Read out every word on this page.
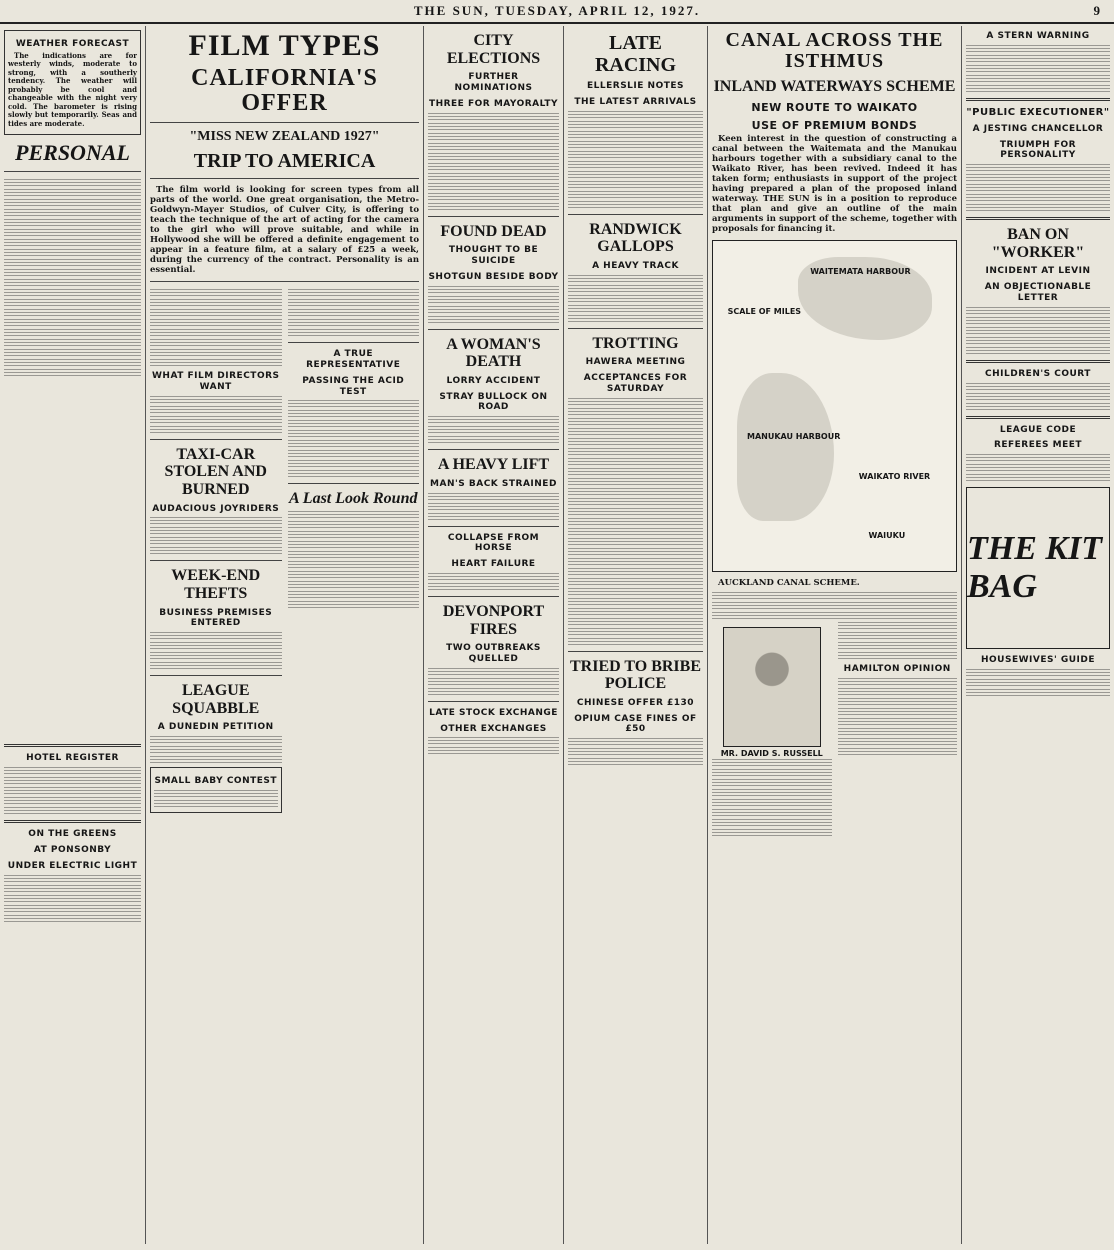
THE SUN, TUESDAY, APRIL 12, 1927.	9
WEATHER FORECAST

The indications are for westerly winds, moderate to strong, with a southerly tendency. The weather will probably be cool and changeable with the night very cold. The barometer is rising slowly but temporarily. Seas and tides are moderate.

PERSONAL
HOTEL REGISTER
ON THE GREENS
AT PONSONBY
UNDER ELECTRIC LIGHT
FILM TYPES
CALIFORNIA'S OFFER
"MISS NEW ZEALAND 1927"
TRIP TO AMERICA

The film world is looking for screen types from all parts of the world. One great organisation, the Metro-Goldwyn-Mayer Studios, of Culver City, is offering to teach the technique of the art of acting for the camera to the girl who will prove suitable, and while in Hollywood she will be offered a definite engagement to appear in a feature film, at a salary of £25 a week, during the currency of the contract. Personality is an essential.

WHAT FILM DIRECTORS WANT
TAXI-CAR STOLEN AND BURNED
AUDACIOUS JOYRIDERS
WEEK-END THEFTS
BUSINESS PREMISES ENTERED
LEAGUE SQUABBLE
A DUNEDIN PETITION
SMALL BABY CONTEST
A TRUE REPRESENTATIVE
PASSING THE ACID TEST
A Last Look Round
CITY ELECTIONS
FURTHER NOMINATIONS
THREE FOR MAYORALTY
FOUND DEAD
THOUGHT TO BE SUICIDE
SHOTGUN BESIDE BODY
A WOMAN'S DEATH
LORRY ACCIDENT
STRAY BULLOCK ON ROAD
A HEAVY LIFT
MAN'S BACK STRAINED
COLLAPSE FROM HORSE
HEART FAILURE
DEVONPORT FIRES
TWO OUTBREAKS QUELLED
LATE STOCK EXCHANGE
OTHER EXCHANGES
LATE RACING
ELLERSLIE NOTES
THE LATEST ARRIVALS
RANDWICK GALLOPS
A HEAVY TRACK
TROTTING
HAWERA MEETING
ACCEPTANCES FOR SATURDAY
TRIED TO BRIBE POLICE
CHINESE OFFER £130
OPIUM CASE FINES OF £50
CANAL ACROSS THE ISTHMUS
INLAND WATERWAYS SCHEME
NEW ROUTE TO WAIKATO
USE OF PREMIUM BONDS

Keen interest in the question of constructing a canal between the Waitemata and the Manukau harbours together with a subsidiary canal to the Waikato River, has been revived. Indeed it has taken form; enthusiasts in support of the project having prepared a plan of the proposed inland waterway. THE SUN is in a position to reproduce that plan and give an outline of the main arguments in support of the scheme, together with proposals for financing it.

WAITEMATA HARBOUR
MANUKAU HARBOUR
WAIKATO RIVER
SCALE OF MILES
WAIUKU

AUCKLAND CANAL SCHEME.

MR. DAVID S. RUSSELL
HAMILTON OPINION
A STERN WARNING
"PUBLIC EXECUTIONER"
A JESTING CHANCELLOR
TRIUMPH FOR PERSONALITY
BAN ON "WORKER"
INCIDENT AT LEVIN
AN OBJECTIONABLE LETTER
CHILDREN'S COURT
LEAGUE CODE
REFEREES MEET
THE KIT BAG
HOUSEWIVES' GUIDE
